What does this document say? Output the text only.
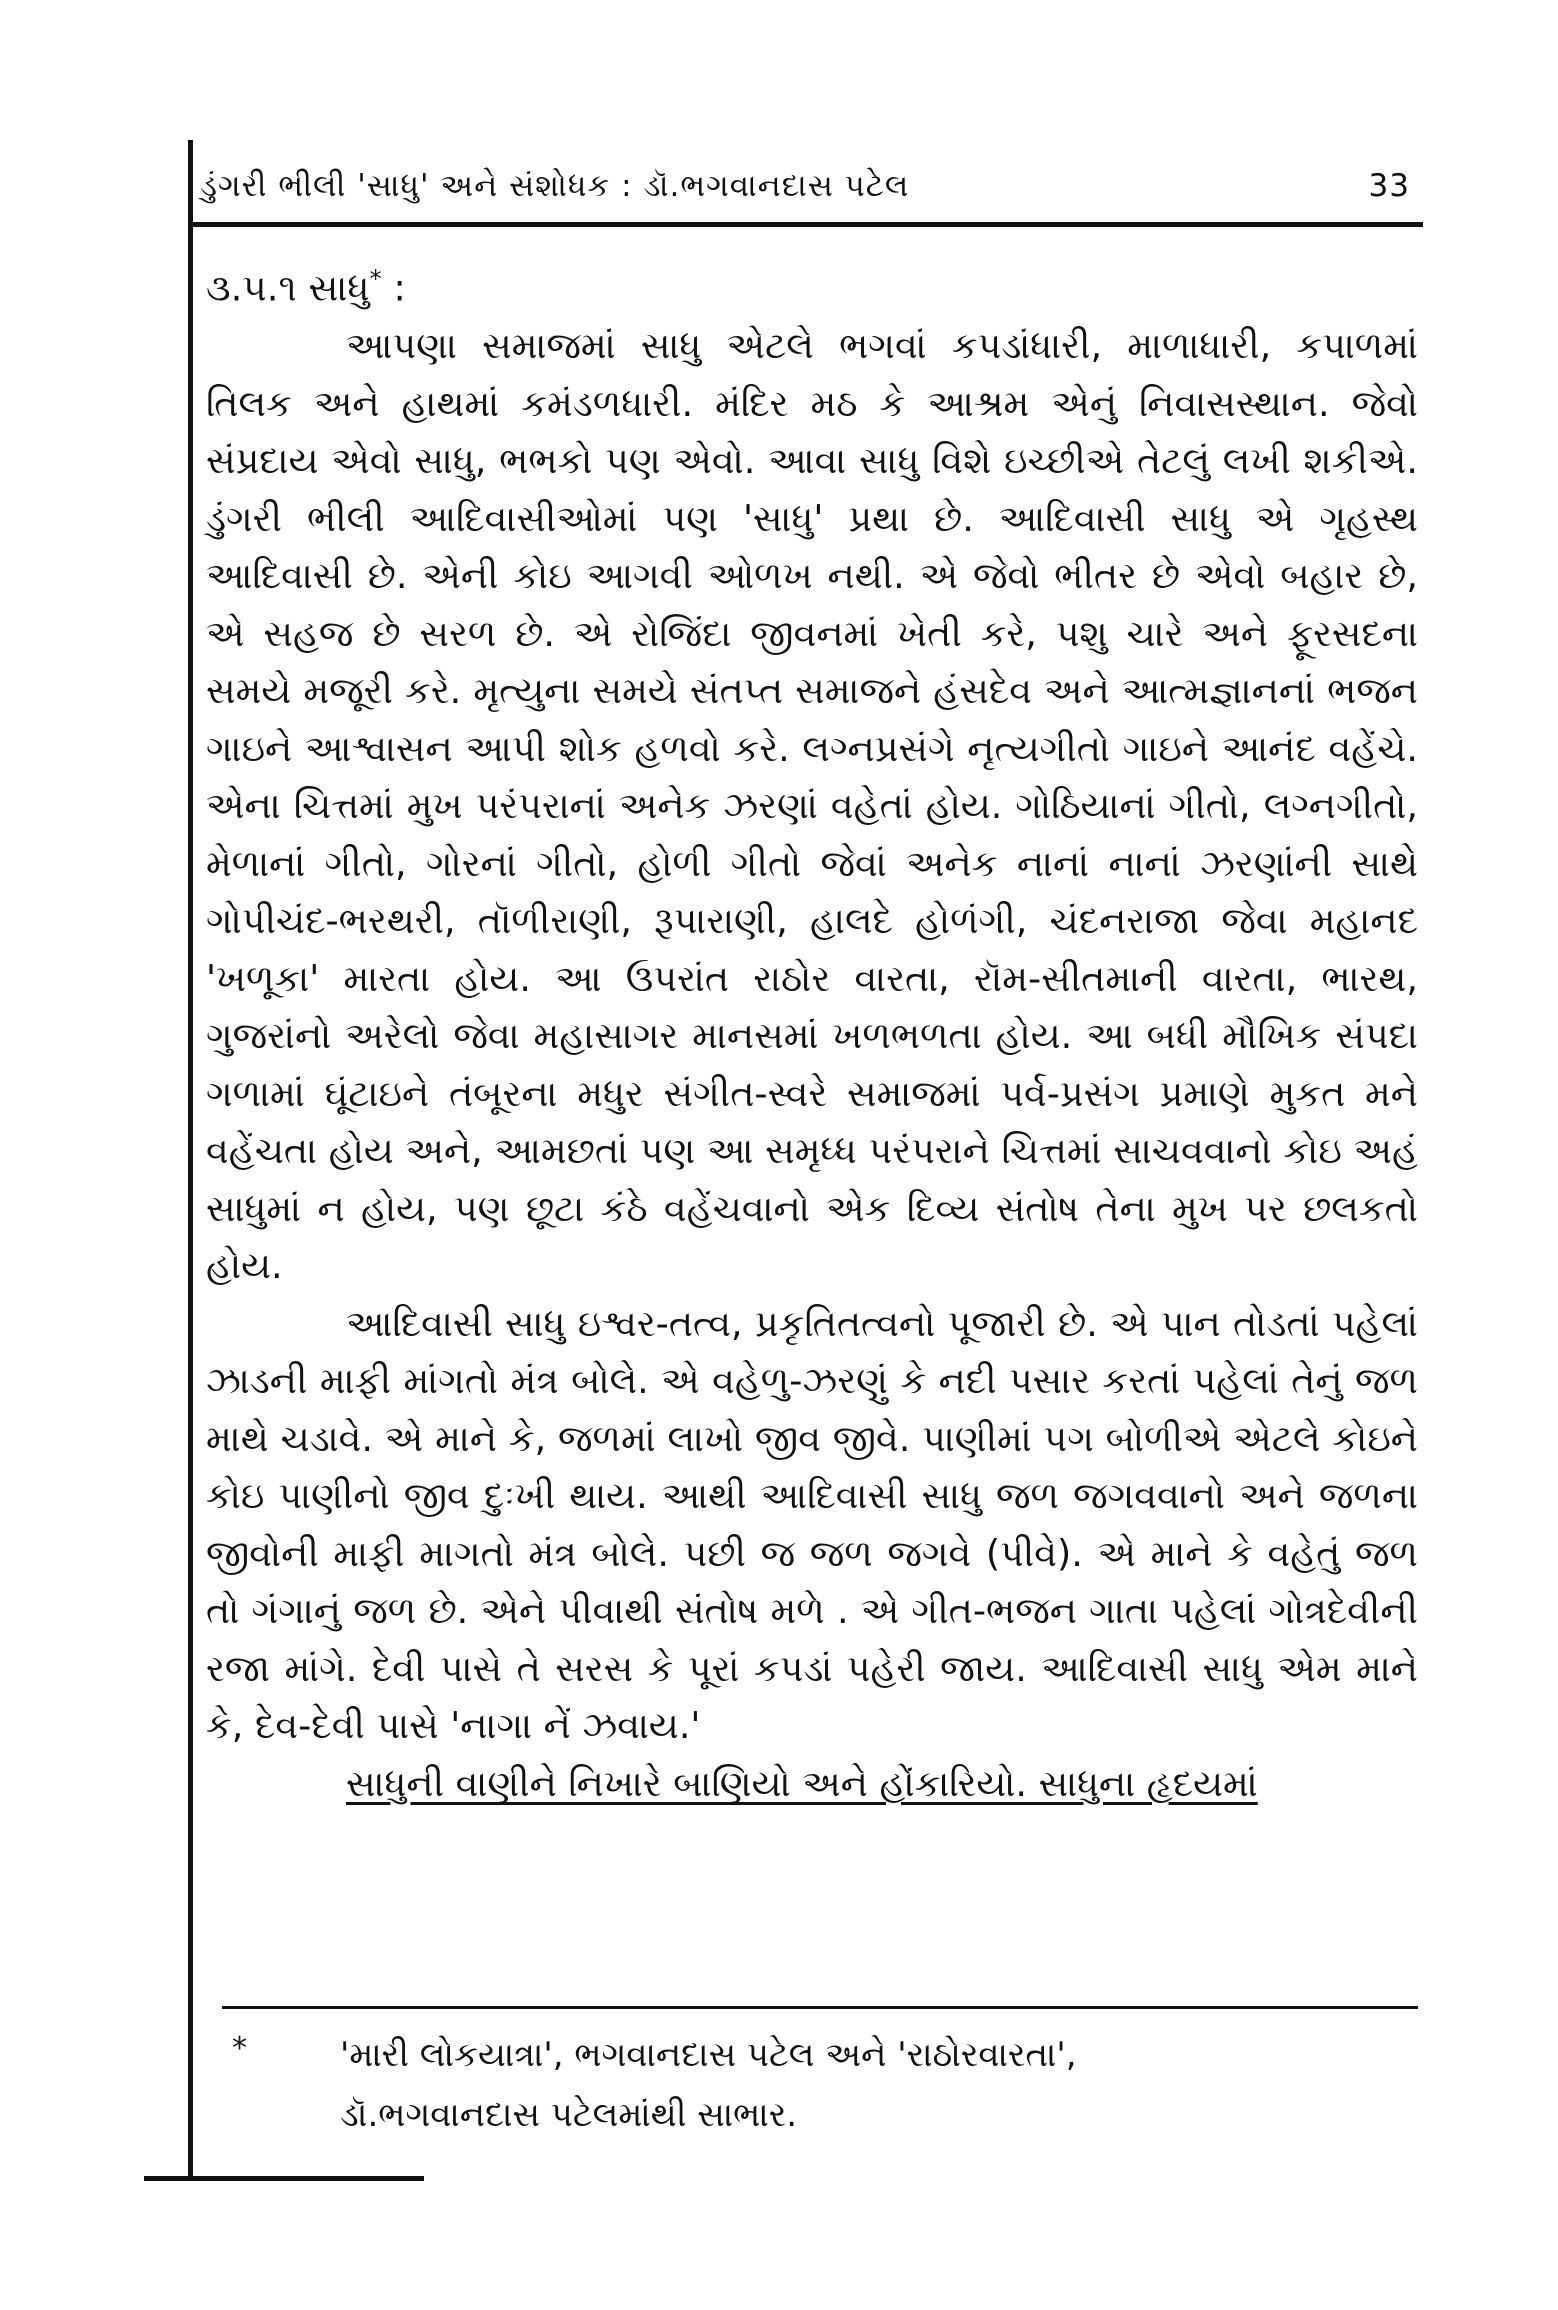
ડુંગરી ભીલી 'સાધુ' અને સંશોધક : ડૉ.ભગવાનદાસ પટેલ	33
૩.૫.૧ સાધુ* :

આપણા સમાજમાં સાધુ એટલે ભગવાં કપડાંધારી, માળાધારી, કપાળમાં તિલક અને હાથમાં કમંડળધારી. મંદિર મઠ કે આશ્રમ એનું નિવાસસ્થાન. જેવો સંપ્રદાય એવો સાધુ, ભભકો પણ એવો. આવા સાધુ વિશે ઇચ્છીએ તેટલું લખી શકીએ. ડુંગરી ભીલી આદિવાસીઓમાં પણ 'સાધુ' પ્રથા છે. આદિવાસી સાધુ એ ગૃહસ્થ આદિવાસી છે. એની કોઇ આગવી ઓળખ નથી. એ જેવો ભીતર છે એવો બહાર છે, એ સહજ છે સરળ છે. એ રોજિંદા જીવનમાં ખેતી કરે, પશુ ચારે અને ફૂરસદના સમયે મજૂરી કરે. મૃત્યુના સમયે સંતપ્ત સમાજને હંસદેવ અને આત્મજ્ઞાનનાં ભજન ગાઇને આશ્વાસન આપી શોક હળવો કરે. લગ્નપ્રસંગે નૃત્યગીતો ગાઇને આનંદ વહેંચે. એના ચિત્તમાં મુખ પરંપરાનાં અનેક ઝરણાં વહેતાં હોય. ગોઠિયાનાં ગીતો, લગ્નગીતો, મેળાનાં ગીતો, ગોરનાં ગીતો, હોળી ગીતો જેવાં અનેક નાનાં નાનાં ઝરણાંની સાથે ગોપીચંદ-ભરથરી, તૉળીરાણી, રૂપારાણી, હાલદે હોળંગી, ચંદનરાજા જેવા મહાનદ 'ખળૂકા' મારતા હોય. આ ઉપરાંત રાઠોર વારતા, રૉમ-સીતમાની વારતા, ભારથ, ગુજરાંનો અરેલો જેવા મહાસાગર માનસમાં ખળભળતા હોય. આ બધી મૌખિક સંપદા ગળામાં ઘૂંટાઇને તંબૂરના મધુર સંગીત-સ્વરે સમાજમાં પર્વ-પ્રસંગ પ્રમાણે મુકત મને વહેંચતા હોય અને, આમછતાં પણ આ સમૃધ્ધ પરંપરાને ચિત્તમાં સાચવવાનો કોઇ અહં સાધુમાં ન હોય, પણ છૂટા કંઠે વહેંચવાનો એક દિવ્ય સંતોષ તેના મુખ પર છલકતો હોય.

આદિવાસી સાધુ ઇશ્વર-તત્વ, પ્રકૃતિતત્વનો પૂજારી છે. એ પાન તોડતાં પહેલાં ઝાડની માફી માંગતો મંત્ર બોલે. એ વહેળુ-ઝરણું કે નદી પસાર કરતાં પહેલાં તેનું જળ માથે ચડાવે. એ માને કે, જળમાં લાખો જીવ જીવે. પાણીમાં પગ બોળીએ એટલે કોઇને કોઇ પાણીનો જીવ દુઃખી થાય. આથી આદિવાસી સાધુ જળ જગવવાનો અને જળના જીવોની માફી માગતો મંત્ર બોલે. પછી જ જળ જગવે (પીવે). એ માને કે વહેતું જળ તો ગંગાનું જળ છે. એને પીવાથી સંતોષ મળે . એ ગીત-ભજન ગાતા પહેલાં ગોત્રદેવીની રજા માંગે. દેવી પાસે તે સરસ કે પૂરાં કપડાં પહેરી જાય. આદિવાસી સાધુ એમ માને કે, દેવ-દેવી પાસે 'નાગા નેં ઝવાય.'

સાધુની વાણીને નિખારે બાણિયો અને હોંકારિયો. સાધુના હૃદયમાં

*	'મારી લોકયાત્રા', ભગવાનદાસ પટેલ અને 'રાઠોરવારતા',
ડૉ.ભગવાનદાસ પટેલમાંથી સાભાર.
